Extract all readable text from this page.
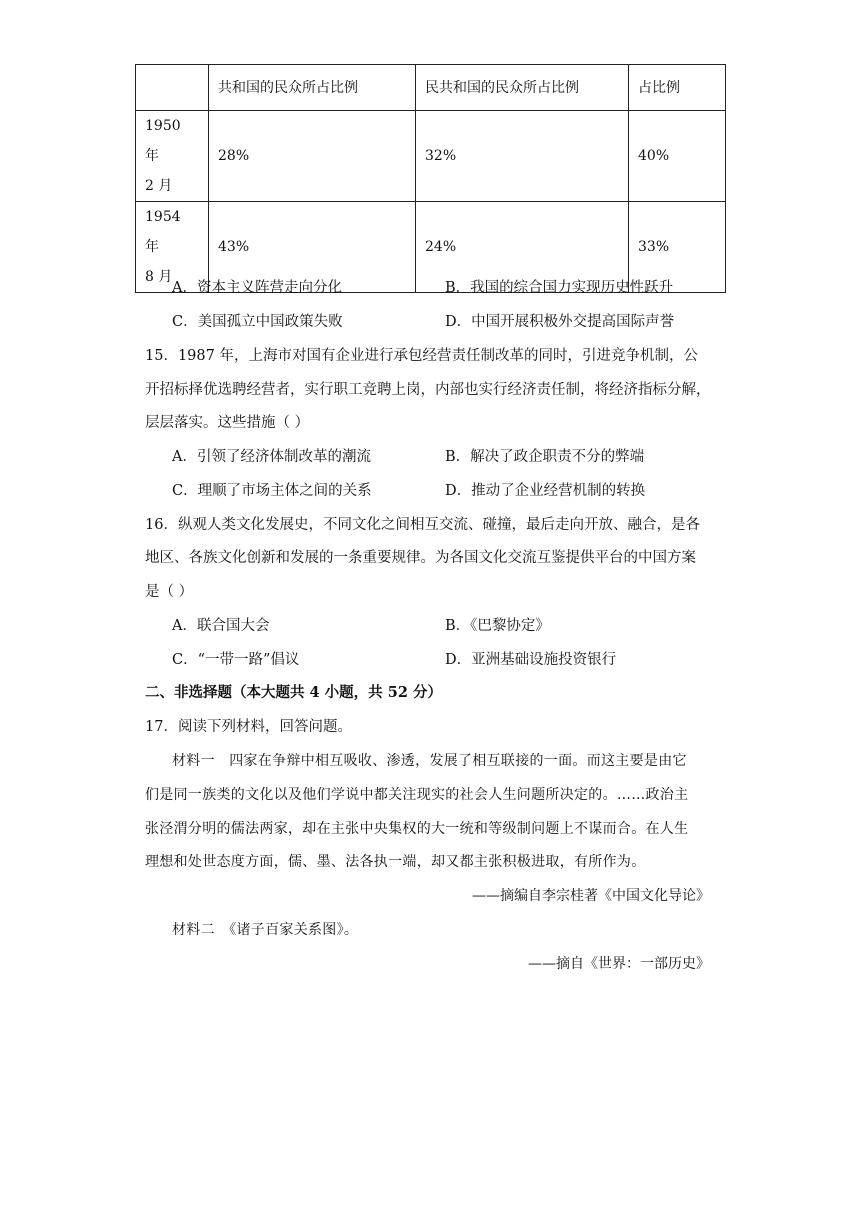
	共和国的民众所占比例	民共和国的民众所占比例	占比例
1950 年
2 月	28%	32%	40%
1954 年
8 月	43%	24%	33%
A．资本主义阵营走向分化	B．我国的综合国力实现历史性跃升
C．美国孤立中国政策失败	D．中国开展积极外交提高国际声誉
15．1987 年，上海市对国有企业进行承包经营责任制改革的同时，引进竞争机制，公
开招标择优选聘经营者，实行职工竞聘上岗，内部也实行经济责任制，将经济指标分解，
层层落实。这些措施（ ）
A．引领了经济体制改革的潮流	B．解决了政企职责不分的弊端
C．理顺了市场主体之间的关系	D．推动了企业经营机制的转换
16．纵观人类文化发展史，不同文化之间相互交流、碰撞，最后走向开放、融合，是各
地区、各族文化创新和发展的一条重要规律。为各国文化交流互鉴提供平台的中国方案
是（ ）
A．联合国大会	B．《巴黎协定》
C．“一带一路”倡议	D．亚洲基础设施投资银行
二、非选择题（本大题共 4 小题，共 52 分）
17．阅读下列材料，回答问题。
材料一　四家在争辩中相互吸收、渗透，发展了相互联接的一面。而这主要是由它
们是同一族类的文化以及他们学说中都关注现实的社会人生问题所决定的。……政治主
张泾渭分明的儒法两家，却在主张中央集权的大一统和等级制问题上不谋而合。在人生
理想和处世态度方面，儒、墨、法各执一端，却又都主张积极进取，有所作为。
——摘编自李宗桂著《中国文化导论》
材料二　《诸子百家关系图》。
——摘自《世界：一部历史》
